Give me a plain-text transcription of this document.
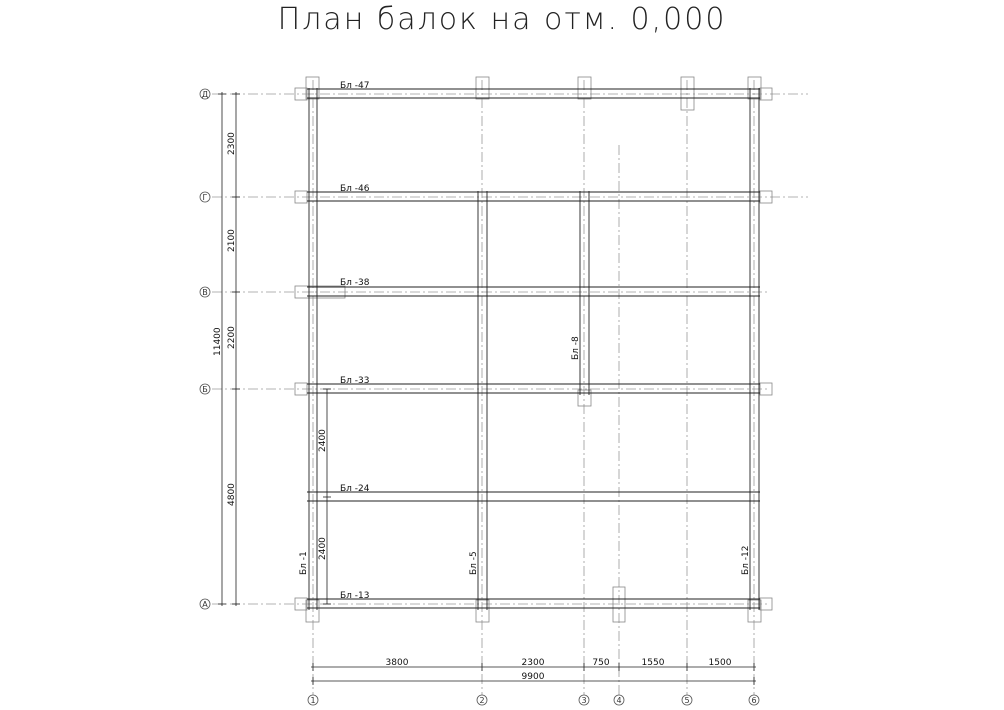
План балок на отм. 0,000
Бл -47
Бл -46
Бл -38
Бл -33
Бл -24
Бл -13
Бл -1	Бл -5
Бл -8
Бл -12
2300
2100
2200
4800
11400
2400
2400
3800	2300	750	1550	1500
9900
Д
Г
В
Б
А
1	2	3	4	5	6
